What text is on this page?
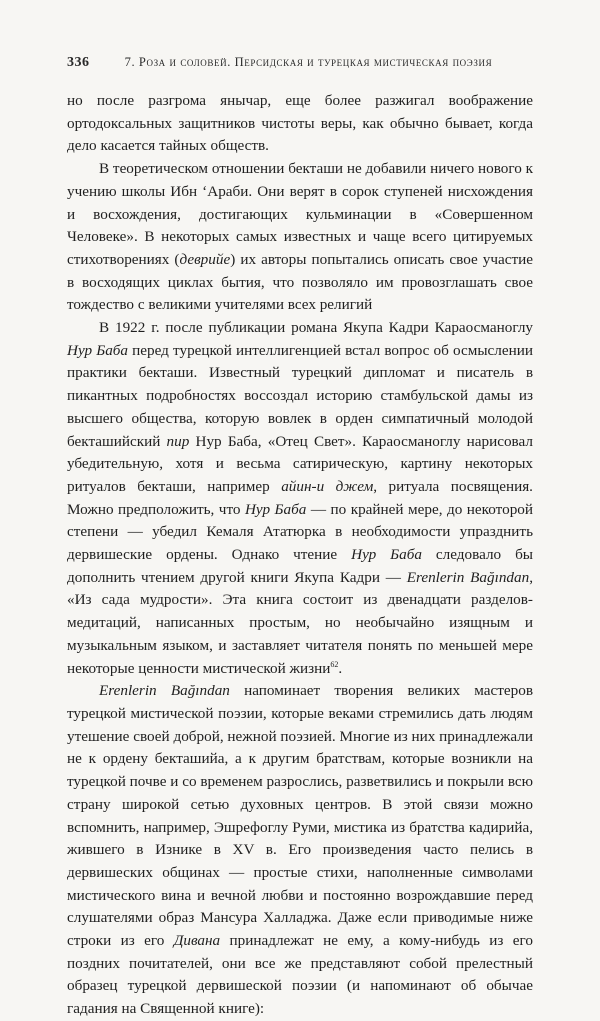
336	7. Роза и соловей. Персидская и турецкая мистическая поэзия

но после разгрома янычар, еще более разжигал воображение ортодоксальных защитников чистоты веры, как обычно бывает, когда дело касается тайных обществ.

В теоретическом отношении бекташи не добавили ничего нового к учению школы Ибн ‘Араби. Они верят в сорок ступеней нисхождения и восхождения, достигающих кульминации в «Совершенном Человеке». В некоторых самых известных и чаще всего цитируемых стихотворениях (деврийе) их авторы попытались описать свое участие в восходящих циклах бытия, что позволяло им провозглашать свое тождество с великими учителями всех религий

В 1922 г. после публикации романа Якупа Кадри Караосманоглу Нур Баба перед турецкой интеллигенцией встал вопрос об осмыслении практики бекташи. Известный турецкий дипломат и писатель в пикантных подробностях воссоздал историю стамбульской дамы из высшего общества, которую вовлек в орден симпатичный молодой бекташийский пир Нур Баба, «Отец Свет». Караосманоглу нарисовал убедительную, хотя и весьма сатирическую, картину некоторых ритуалов бекташи, например айин-и джем, ритуала посвящения. Можно предположить, что Нур Баба — по крайней мере, до некоторой степени — убедил Кемаля Ататюрка в необходимости упразднить дервишеские ордены. Однако чтение Нур Баба следовало бы дополнить чтением другой книги Якупа Кадри — Erenlerin Bağından, «Из сада мудрости». Эта книга состоит из двенадцати разделов-медитаций, написанных простым, но необычайно изящным и музыкальным языком, и заставляет читателя понять по меньшей мере некоторые ценности мистической жизни$^{62}$.

Erenlerin Bağından напоминает творения великих мастеров турецкой мистической поэзии, которые веками стремились дать людям утешение своей доброй, нежной поэзией. Многие из них принадлежали не к ордену бекташийа, а к другим братствам, которые возникли на турецкой почве и со временем разрослись, разветвились и покрыли всю страну широкой сетью духовных центров. В этой связи можно вспомнить, например, Эшрефоглу Руми, мистика из братства кадирийа, жившего в Изнике в XV в. Его произведения часто пелись в дервишеских общинах — простые стихи, наполненные символами мистического вина и вечной любви и постоянно возрождавшие перед слушателями образ Мансура Халладжа. Даже если приводимые ниже строки из его Дивана принадлежат не ему, а кому-нибудь из его поздних почитателей, они все же представляют собой прелестный образец турецкой дервишеской поэзии (и напоминают об обычае гадания на Священной книге):
